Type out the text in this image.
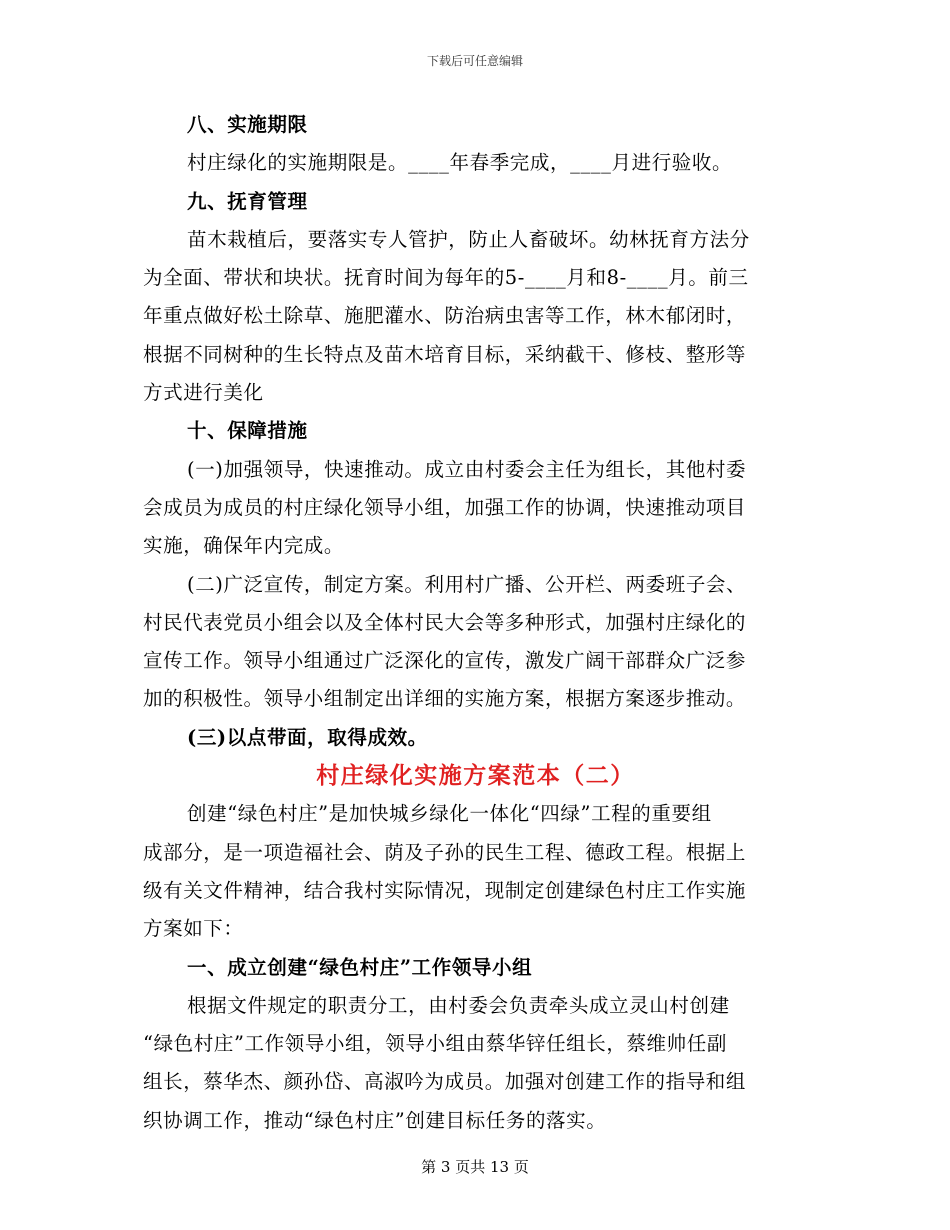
下载后可任意编辑
八、实施期限
村庄绿化的实施期限是。____年春季完成，____月进行验收。
九、抚育管理
苗木栽植后，要落实专人管护，防止人畜破坏。幼林抚育方法分
为全面、带状和块状。抚育时间为每年的5-____月和8-____月。前三
年重点做好松土除草、施肥灌水、防治病虫害等工作，林木郁闭时，
根据不同树种的生长特点及苗木培育目标，采纳截干、修枝、整形等
方式进行美化
十、保障措施
(一)加强领导，快速推动。成立由村委会主任为组长，其他村委
会成员为成员的村庄绿化领导小组，加强工作的协调，快速推动项目
实施，确保年内完成。
(二)广泛宣传，制定方案。利用村广播、公开栏、两委班子会、
村民代表党员小组会以及全体村民大会等多种形式，加强村庄绿化的
宣传工作。领导小组通过广泛深化的宣传，激发广阔干部群众广泛参
加的积极性。领导小组制定出详细的实施方案，根据方案逐步推动。
(三)以点带面，取得成效。
村庄绿化实施方案范本（二）
创建“绿色村庄”是加快城乡绿化一体化“四绿”工程的重要组
成部分，是一项造福社会、荫及子孙的民生工程、德政工程。根据上
级有关文件精神，结合我村实际情况，现制定创建绿色村庄工作实施
方案如下：
一、成立创建“绿色村庄”工作领导小组
根据文件规定的职责分工，由村委会负责牵头成立灵山村创建
“绿色村庄”工作领导小组，领导小组由蔡华锌任组长，蔡维帅任副
组长，蔡华杰、颜孙岱、高淑吟为成员。加强对创建工作的指导和组
织协调工作，推动“绿色村庄”创建目标任务的落实。
第 3 页共 13 页
